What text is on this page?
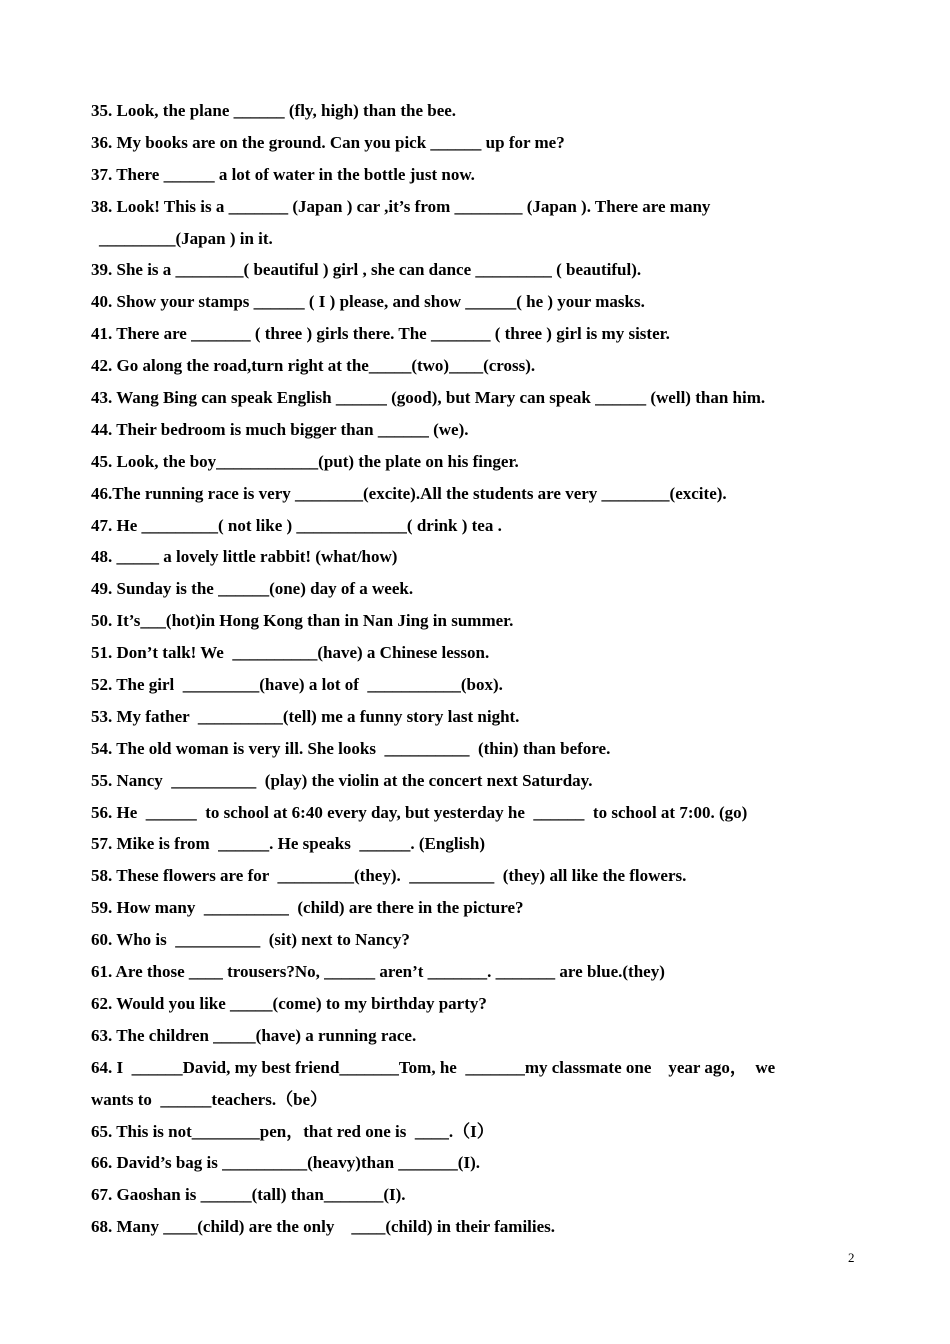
35. Look, the plane ______ (fly, high) than the bee.
36. My books are on the ground. Can you pick ______ up for me?
37. There ______ a lot of water in the bottle just now.
38. Look! This is a _______ (Japan ) car ,it’s from ________ (Japan ). There are many
_________(Japan ) in it.
39. She is a ________( beautiful ) girl , she can dance _________ ( beautiful).
40. Show your stamps ______ ( I ) please, and show ______( he ) your masks.
41. There are _______ ( three ) girls there. The _______ ( three ) girl is my sister.
42. Go along the road,turn right at the_____(two)____(cross).
43. Wang Bing can speak English ______ (good), but Mary can speak ______ (well) than him.
44. Their bedroom is much bigger than ______ (we).
45. Look, the boy____________(put) the plate on his finger.
46.The running race is very ________(excite).All the students are very ________(excite).
47. He _________( not like ) _____________( drink ) tea .
48. _____ a lovely little rabbit! (what/how)
49. Sunday is the ______(one) day of a week.
50. It’s___(hot)in Hong Kong than in Nan Jing in summer.
51. Don’t talk! We  __________(have) a Chinese lesson.
52. The girl  _________(have) a lot of  ___________(box).
53. My father  __________(tell) me a funny story last night.
54. The old woman is very ill. She looks  __________  (thin) than before.
55. Nancy  __________  (play) the violin at the concert next Saturday.
56. He  ______  to school at 6:40 every day, but yesterday he  ______  to school at 7:00. (go)
57. Mike is from  ______. He speaks  ______. (English)
58. These flowers are for  _________(they).  __________  (they) all like the flowers.
59. How many  __________  (child) are there in the picture?
60. Who is  __________  (sit) next to Nancy?
61. Are those ____ trousers?No, ______ aren’t _______. _______ are blue.(they)
62. Would you like _____(come) to my birthday party?
63. The children _____(have) a running race.
64. I  ______David, my best friend_______Tom, he  _______my classmate one    year ago，  we
wants to  ______teachers.（be）
65. This is not________pen，that red one is  ____.（I）
66. David’s bag is __________(heavy)than _______(I).
67. Gaoshan is ______(tall) than_______(I).
68. Many ____(child) are the only    ____(child) in their families.
2
